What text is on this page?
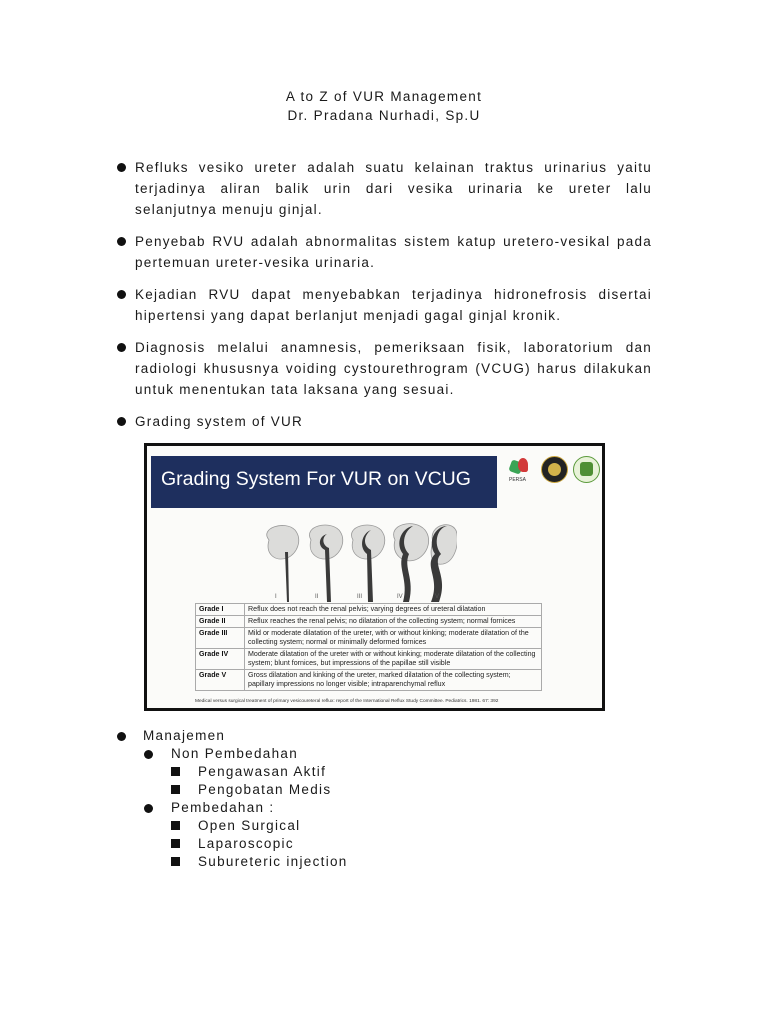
A to Z of VUR Management
Dr. Pradana Nurhadi, Sp.U
Refluks vesiko ureter adalah suatu kelainan traktus urinarius yaitu terjadinya aliran balik urin dari vesika urinaria ke ureter lalu selanjutnya menuju ginjal.
Penyebab RVU adalah abnormalitas sistem katup uretero-vesikal pada pertemuan ureter-vesika urinaria.
Kejadian RVU dapat menyebabkan terjadinya hidronefrosis disertai hipertensi yang dapat berlanjut menjadi gagal ginjal kronik.
Diagnosis melalui anamnesis, pemeriksaan fisik, laboratorium dan radiologi khususnya voiding cystourethrogram (VCUG) harus dilakukan untuk menentukan tata laksana yang sesuai.
Grading system of VUR
Grading System For VUR on VCUG	PERSA
I	II	III	IV	V
Grade I	Reflux does not reach the renal pelvis; varying degrees of ureteral dilatation
Grade II	Reflux reaches the renal pelvis; no dilatation of the collecting system; normal fornices
Grade III	Mild or moderate dilatation of the ureter, with or without kinking; moderate dilatation of the collecting system; normal or minimally deformed fornices
Grade IV	Moderate dilatation of the ureter with or without kinking; moderate dilatation of the collecting system; blunt fornices, but impressions of the papillae still visible
Grade V	Gross dilatation and kinking of the ureter, marked dilatation of the collecting system; papillary impressions no longer visible; intraparenchymal reflux
Medical versus surgical treatment of primary vesicoureteral reflux: report of the International Reflux Study Committee. Pediatrics. 1981. 67: 392
Manajemen
Non Pembedahan
Pengawasan Aktif
Pengobatan Medis
Pembedahan :
Open Surgical
Laparoscopic
Subureteric injection
